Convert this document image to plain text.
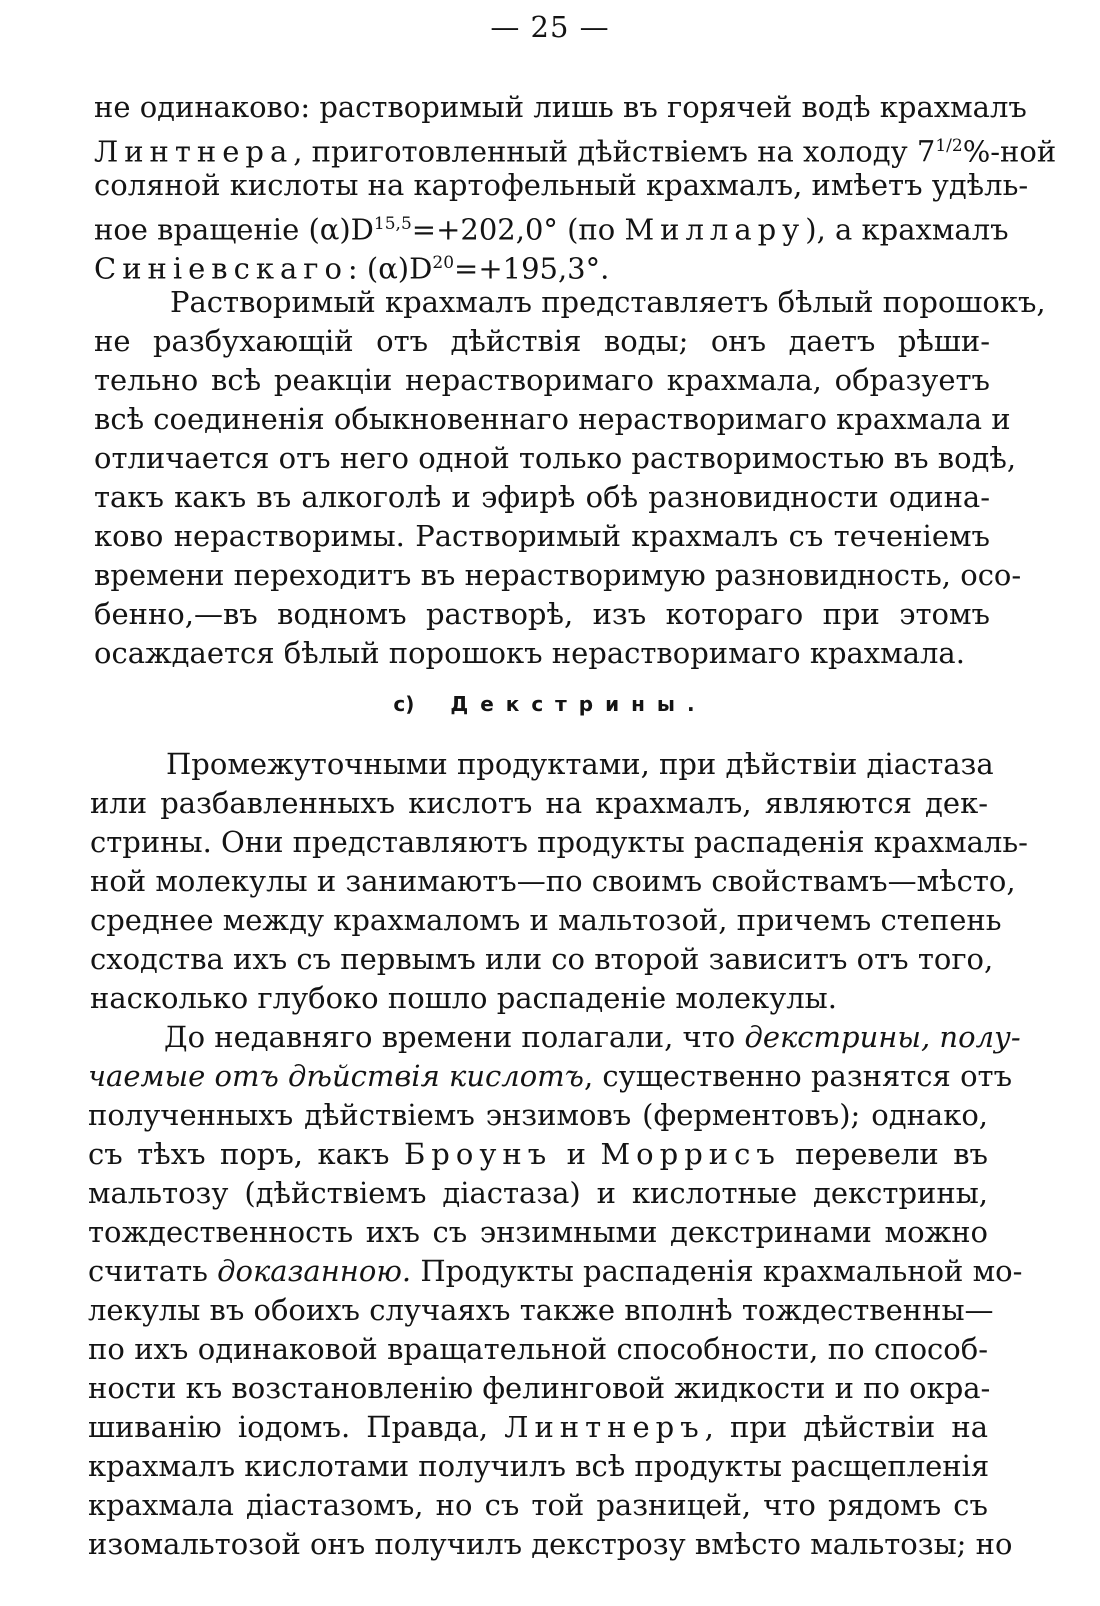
— 25 —
не одинаково: растворимый лишь въ горячей водѣ крахмалъ
Линтнера, приготовленный дѣйствіемъ на холоду $7^{1/2}\%$-ной
соляной кислоты на картофельный крахмалъ, имѣетъ удѣль-
ное вращеніе $(\alpha)D^{15,5}=+202,0^\circ$ (по Миллару), а крахмалъ
Синіевскаго: $(\alpha)D^{20}=+195,3^\circ$.
Растворимый крахмалъ представляетъ бѣлый порошокъ,
не разбухающій отъ дѣйствія воды; онъ даетъ рѣши-
тельно всѣ реакціи нерастворимаго крахмала, образуетъ
всѣ соединенія обыкновеннаго нерастворимаго крахмала и
отличается отъ него одной только растворимостью въ водѣ,
такъ какъ въ алкоголѣ и эфирѣ обѣ разновидности одина-
ково нерастворимы. Растворимый крахмалъ съ теченіемъ
времени переходитъ въ нерастворимую разновидность, осо-
бенно,—въ водномъ растворѣ, изъ котораго при этомъ
осаждается бѣлый порошокъ нерастворимаго крахмала.
c) Декстрины.
Промежуточными продуктами, при дѣйствіи діастаза
или разбавленныхъ кислотъ на крахмалъ, являются дек-
стрины. Они представляютъ продукты распаденія крахмаль-
ной молекулы и занимаютъ—по своимъ свойствамъ—мѣсто,
среднее между крахмаломъ и мальтозой, причемъ степень
сходства ихъ съ первымъ или со второй зависитъ отъ того,
насколько глубоко пошло распаденіе молекулы.
До недавняго времени полагали, что декстрины, полу-
чаемые отъ дѣйствія кислотъ, существенно разнятся отъ
полученныхъ дѣйствіемъ энзимовъ (ферментовъ); однако,
съ тѣхъ поръ, какъ Броунъ и Моррисъ перевели въ
мальтозу (дѣйствіемъ діастаза) и кислотные декстрины,
тождественность ихъ съ энзимными декстринами можно
считать доказанною. Продукты распаденія крахмальной мо-
лекулы въ обоихъ случаяхъ также вполнѣ тождественны—
по ихъ одинаковой вращательной способности, по способ-
ности къ возстановленію фелинговой жидкости и по окра-
шиванію іодомъ. Правда, Линтнеръ, при дѣйствіи на
крахмалъ кислотами получилъ всѣ продукты расщепленія
крахмала діастазомъ, но съ той разницей, что рядомъ съ
изомальтозой онъ получилъ декстрозу вмѣсто мальтозы; но
